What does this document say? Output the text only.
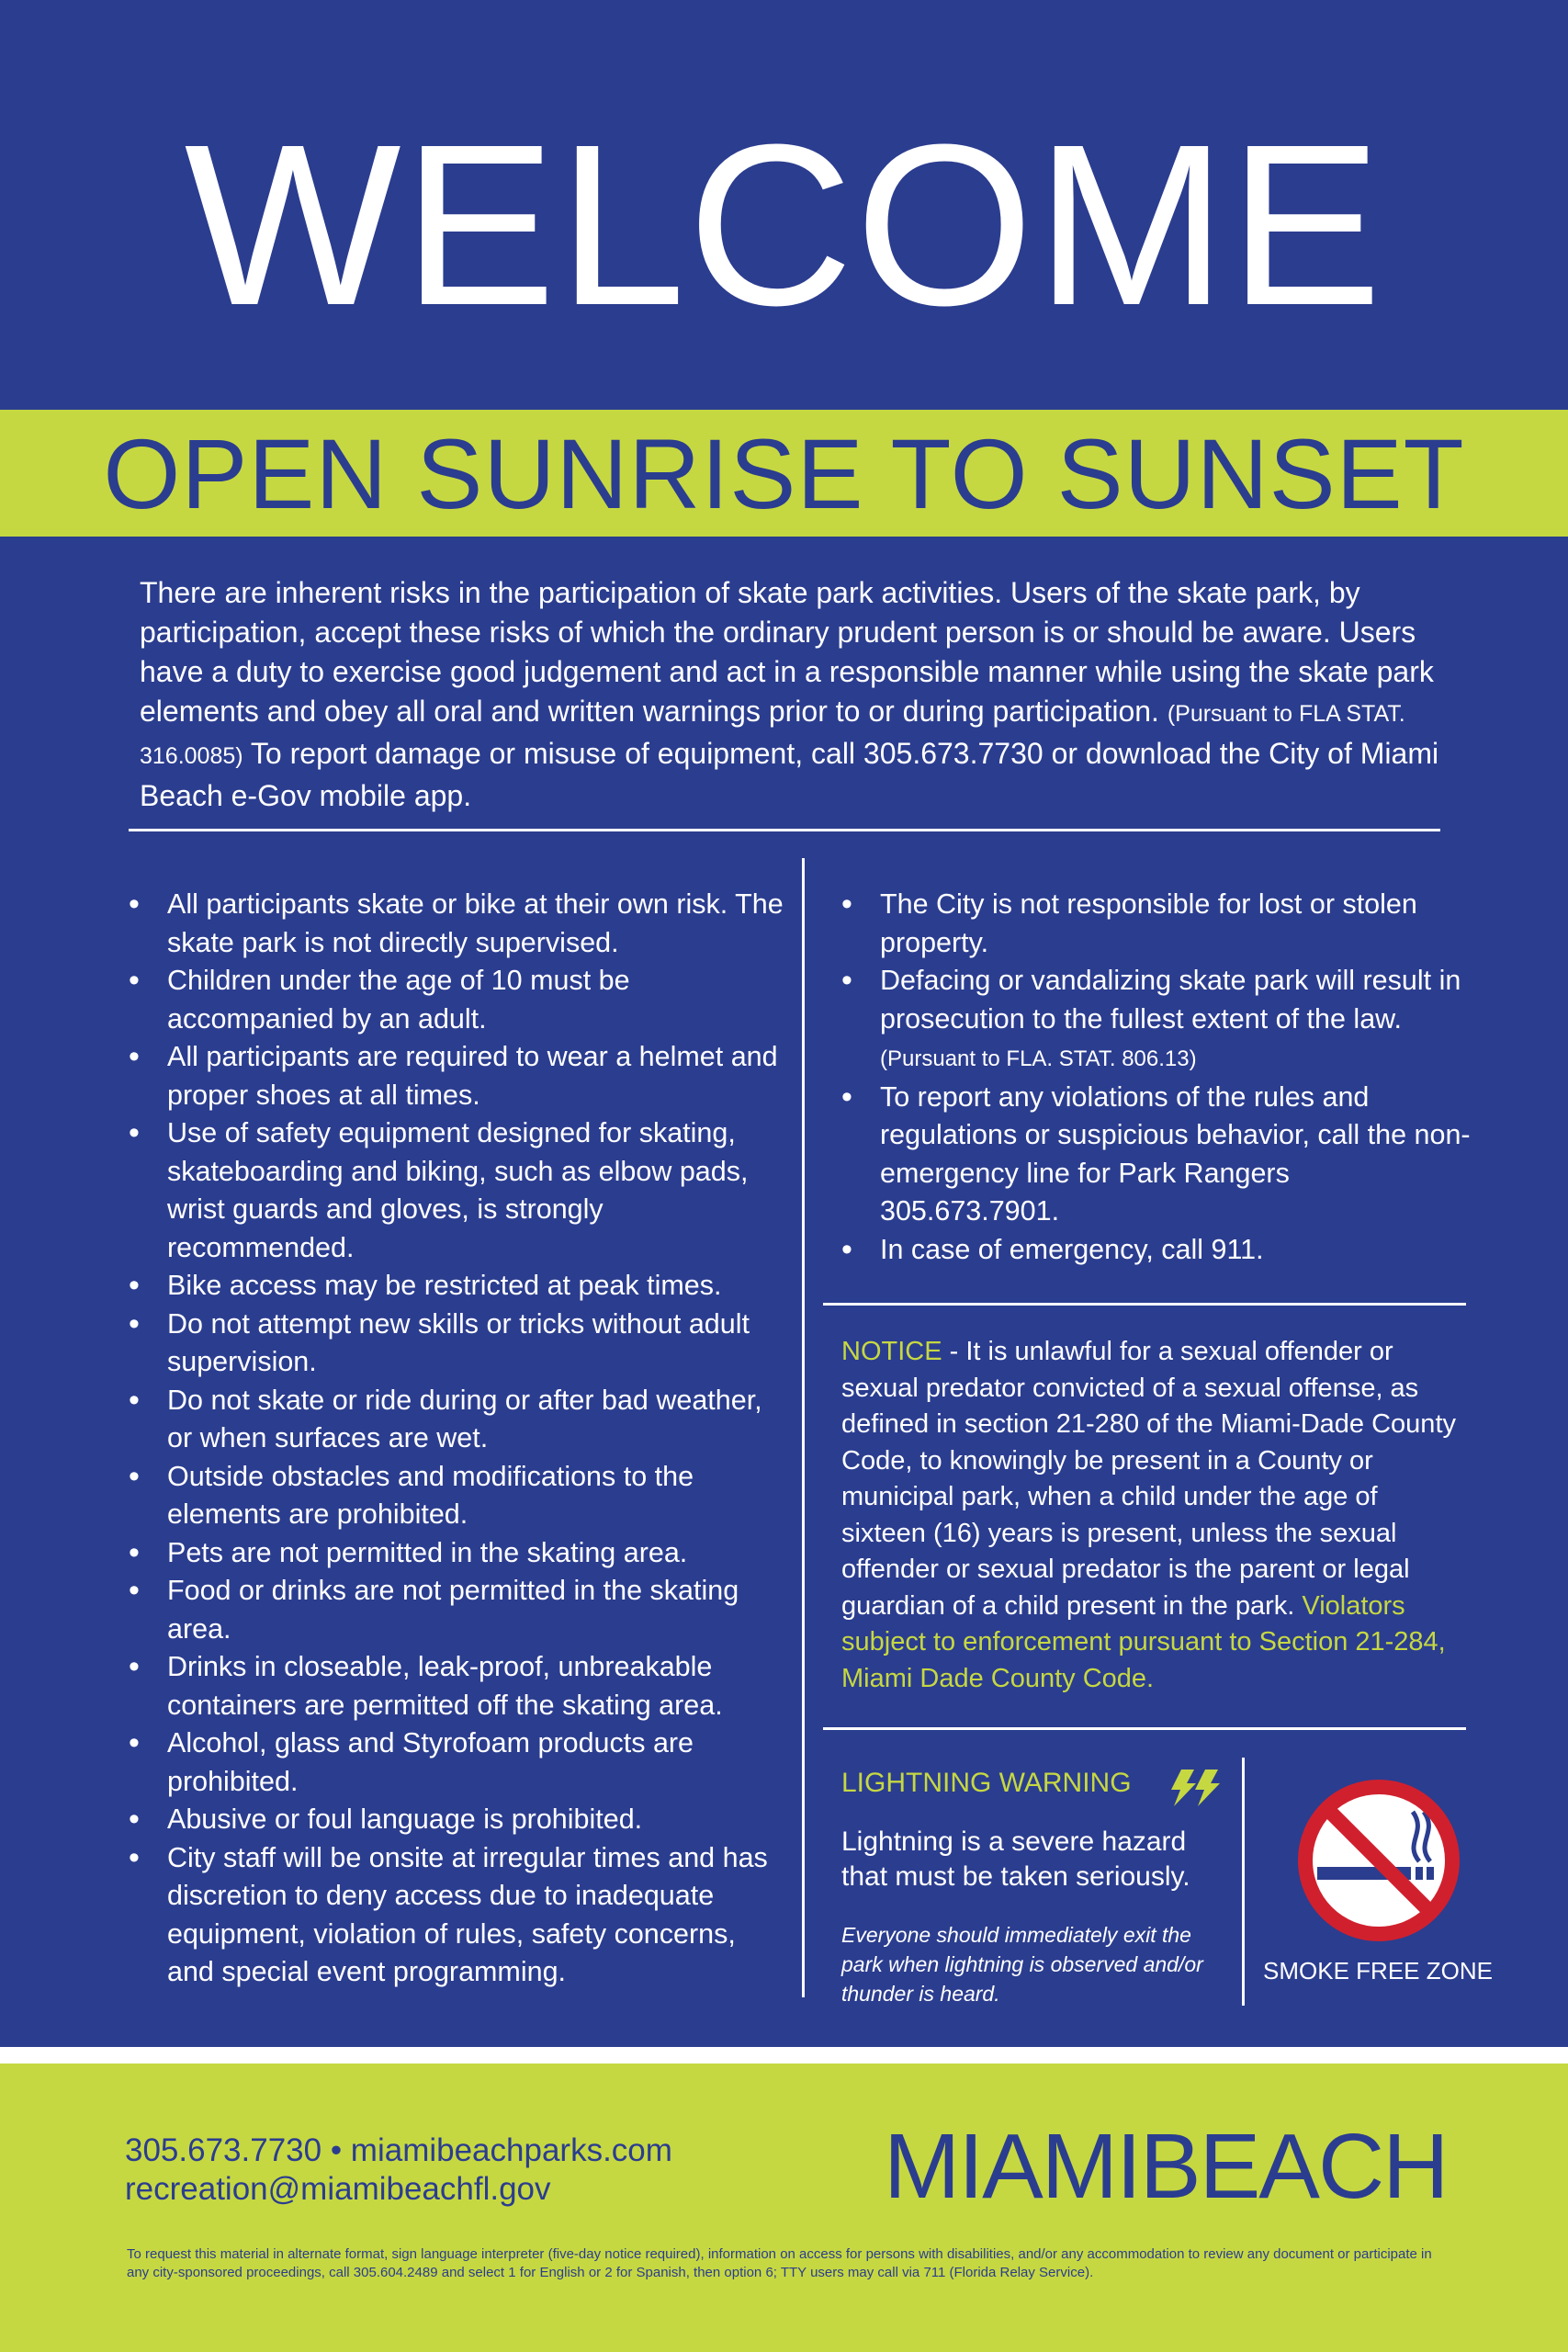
WELCOME
OPEN SUNRISE TO SUNSET

There are inherent risks in the participation of skate park activities. Users of the skate park, by participation, accept these risks of which the ordinary prudent person is or should be aware. Users have a duty to exercise good judgement and act in a responsible manner while using the skate park elements and obey all oral and written warnings prior to or during participation. (Pursuant to FLA STAT. 316.0085) To report damage or misuse of equipment, call 305.673.7730 or download the City of Miami Beach e-Gov mobile app.

• All participants skate or bike at their own risk. The skate park is not directly supervised.
• Children under the age of 10 must be accompanied by an adult.
• All participants are required to wear a helmet and proper shoes at all times.
• Use of safety equipment designed for skating, skateboarding and biking, such as elbow pads, wrist guards and gloves, is strongly recommended.
• Bike access may be restricted at peak times.
• Do not attempt new skills or tricks without adult supervision.
• Do not skate or ride during or after bad weather, or when surfaces are wet.
• Outside obstacles and modifications to the elements are prohibited.
• Pets are not permitted in the skating area.
• Food or drinks are not permitted in the skating area.
• Drinks in closeable, leak-proof, unbreakable containers are permitted off the skating area.
• Alcohol, glass and Styrofoam products are prohibited.
• Abusive or foul language is prohibited.
• City staff will be onsite at irregular times and has discretion to deny access due to inadequate equipment, violation of rules, safety concerns, and special event programming.
• The City is not responsible for lost or stolen property.
• Defacing or vandalizing skate park will result in prosecution to the fullest extent of the law.
(Pursuant to FLA. STAT. 806.13)
• To report any violations of the rules and regulations or suspicious behavior, call the non-emergency line for Park Rangers 305.673.7901.
• In case of emergency, call 911.

NOTICE - It is unlawful for a sexual offender or sexual predator convicted of a sexual offense, as defined in section 21-280 of the Miami-Dade County Code, to knowingly be present in a County or municipal park, when a child under the age of sixteen (16) years is present, unless the sexual offender or sexual predator is the parent or legal guardian of a child present in the park. Violators subject to enforcement pursuant to Section 21-284, Miami Dade County Code.

LIGHTNING WARNING

Lightning is a severe hazard that must be taken seriously.

Everyone should immediately exit the park when lightning is observed and/or thunder is heard.

SMOKE FREE ZONE
305.673.7730 • miamibeachparks.com
recreation@miamibeachfl.gov	MIAMIBEACH

To request this material in alternate format, sign language interpreter (five-day notice required), information on access for persons with disabilities, and/or any accommodation to review any document or participate in any city-sponsored proceedings, call 305.604.2489 and select 1 for English or 2 for Spanish, then option 6; TTY users may call via 711 (Florida Relay Service).
